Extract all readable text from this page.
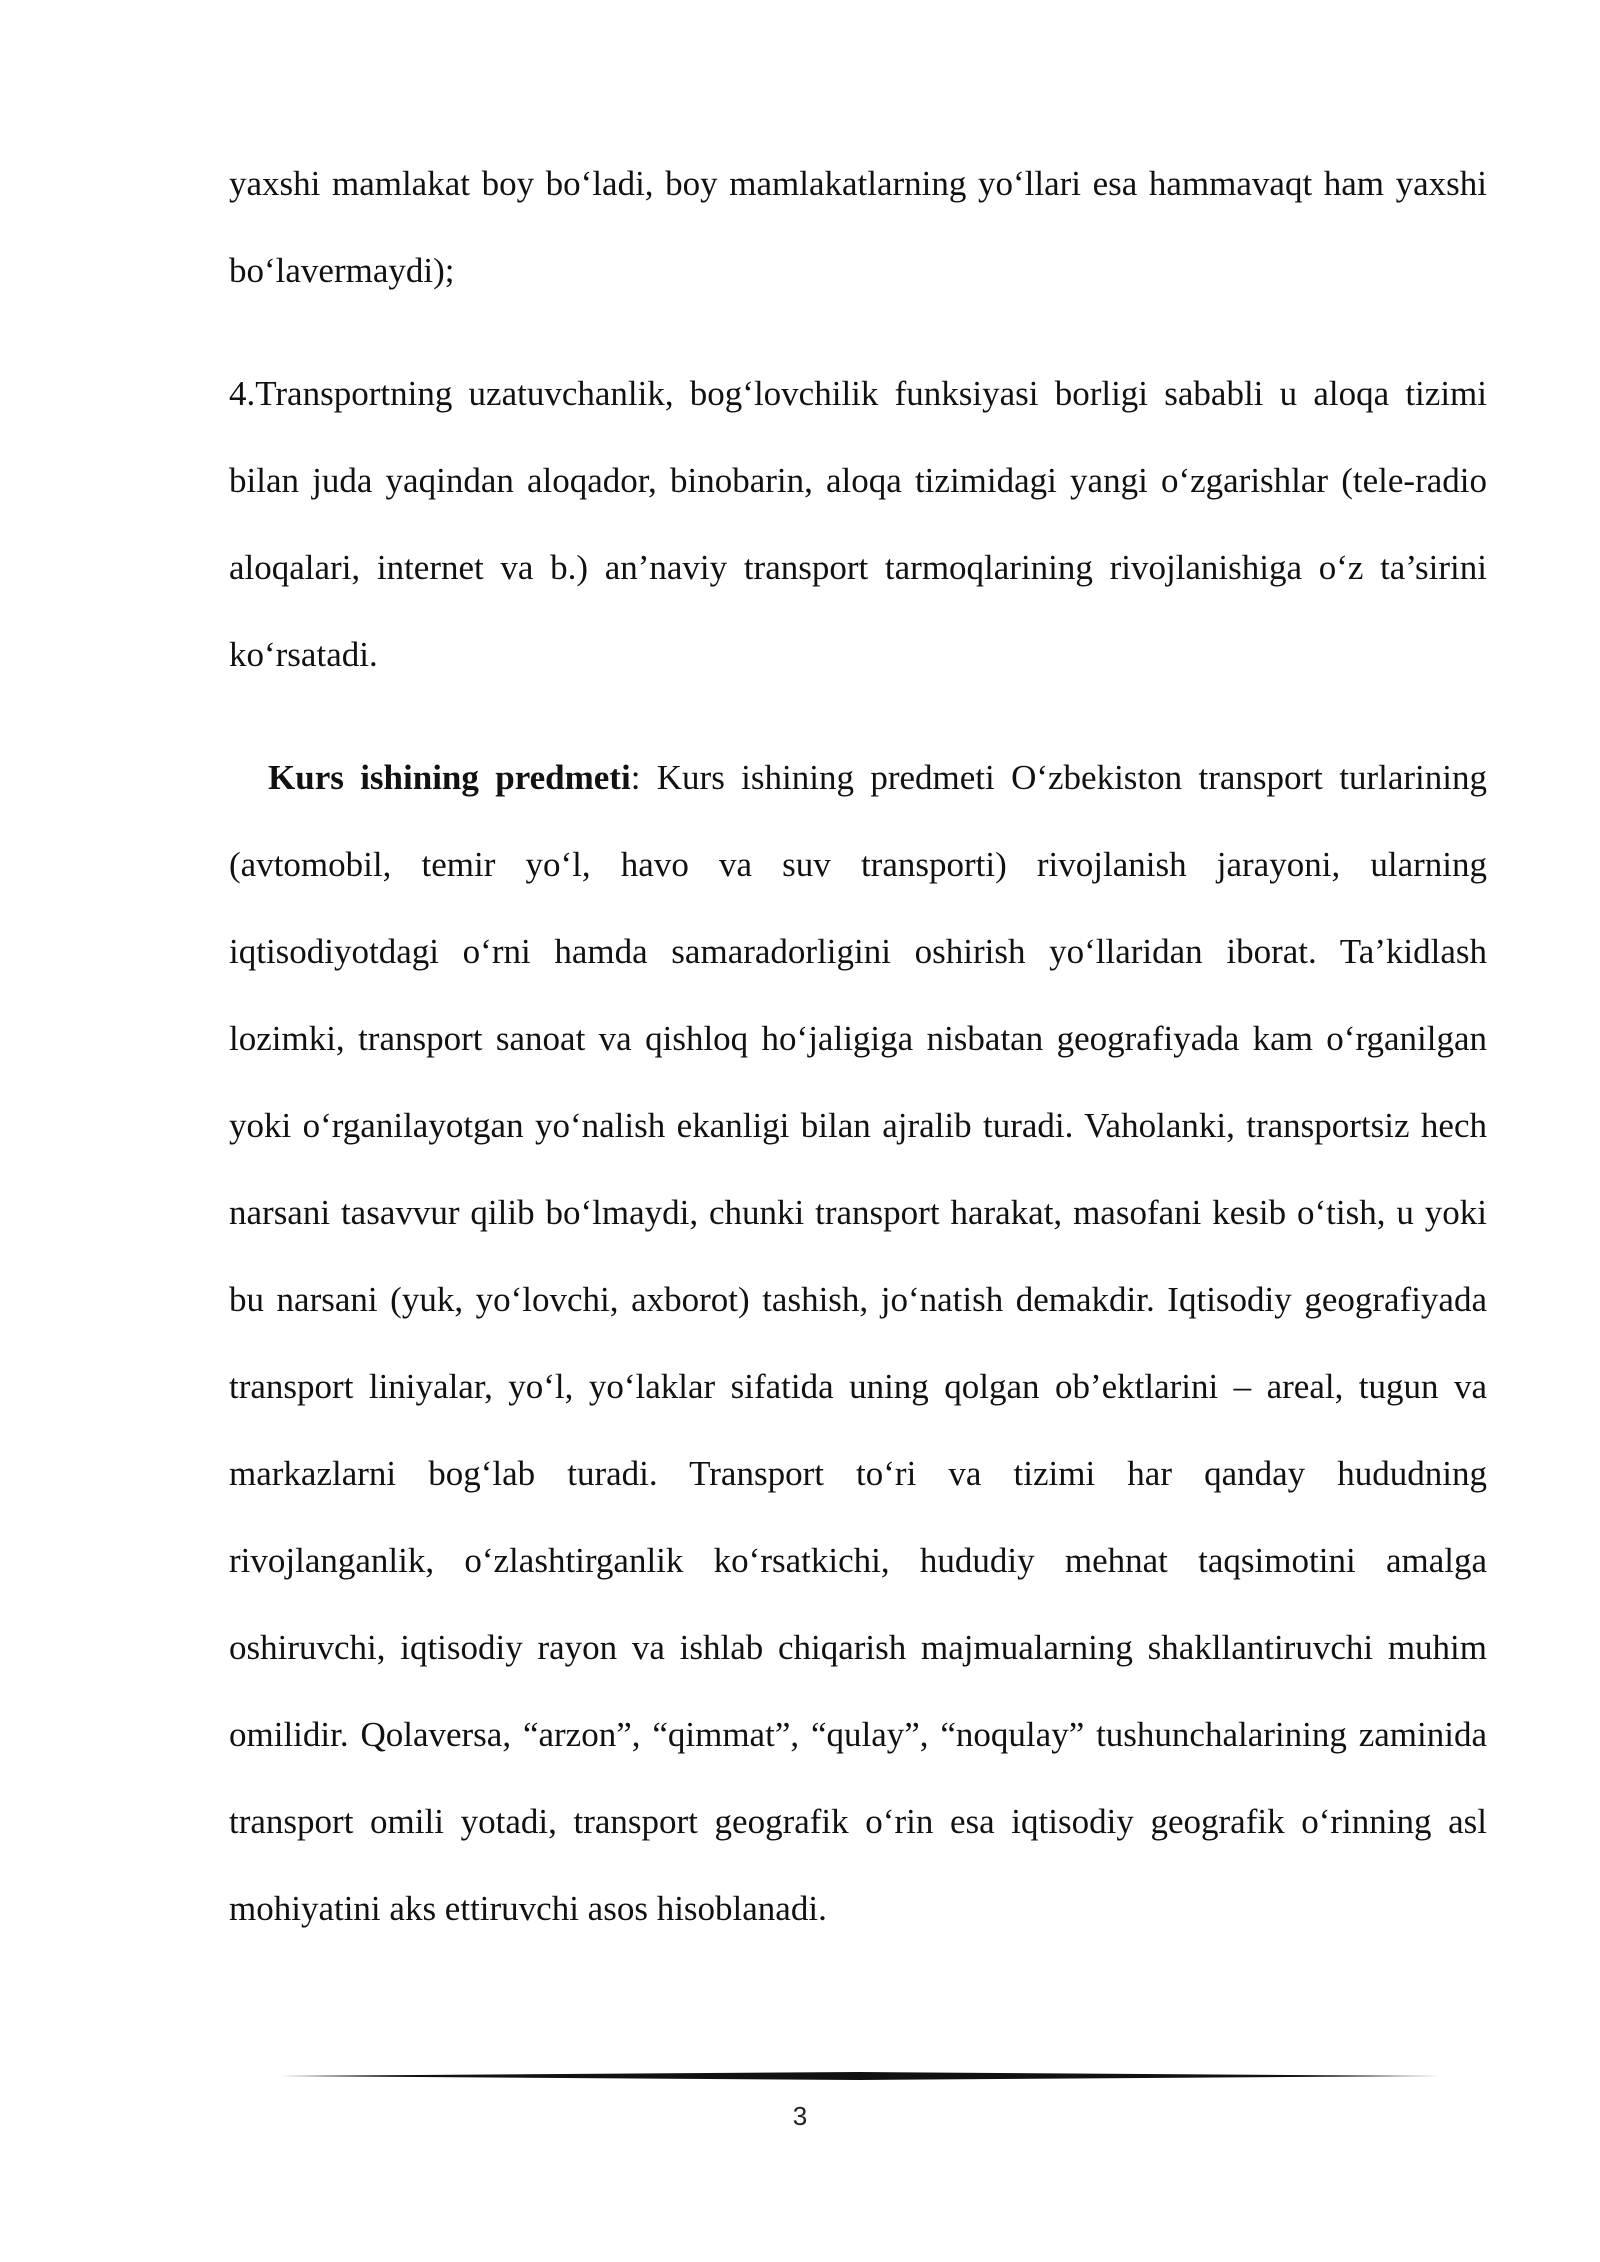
yaxshi mamlakat boy bo‘ladi, boy mamlakatlarning yo‘llari esa hammavaqt ham yaxshi bo‘lavermaydi);

4.Transportning uzatuvchanlik, bog‘lovchilik funksiyasi borligi sababli u aloqa tizimi bilan juda yaqindan aloqador, binobarin, aloqa tizimidagi yangi o‘zgarishlar (tele-radio aloqalari, internet va b.) an’naviy transport tarmoqlarining rivojlanishiga o‘z ta’sirini ko‘rsatadi.

Kurs ishining predmeti: Kurs ishining predmeti O‘zbekiston transport turlarining (avtomobil, temir yo‘l, havo va suv transporti) rivojlanish jarayoni, ularning iqtisodiyotdagi o‘rni hamda samaradorligini oshirish yo‘llaridan iborat. Ta’kidlash lozimki, transport sanoat va qishloq ho‘jaligiga nisbatan geografiyada kam o‘rganilgan yoki o‘rganilayotgan yo‘nalish ekanligi bilan ajralib turadi. Vaholanki, transportsiz hech narsani tasavvur qilib bo‘lmaydi, chunki transport harakat, masofani kesib o‘tish, u yoki bu narsani (yuk, yo‘lovchi, axborot) tashish, jo‘natish demakdir. Iqtisodiy geografiyada transport liniyalar, yo‘l, yo‘laklar sifatida uning qolgan ob’ektlarini – areal, tugun va markazlarni bog‘lab turadi. Transport to‘ri va tizimi har qanday hududning rivojlanganlik, o‘zlashtirganlik ko‘rsatkichi, hududiy mehnat taqsimotini amalga oshiruvchi, iqtisodiy rayon va ishlab chiqarish majmualarning shakllantiruvchi muhim omilidir. Qolaversa, “arzon”, “qimmat”, “qulay”, “noqulay” tushunchalarining zaminida transport omili yotadi, transport geografik o‘rin esa iqtisodiy geografik o‘rinning asl mohiyatini aks ettiruvchi asos hisoblanadi.

3
